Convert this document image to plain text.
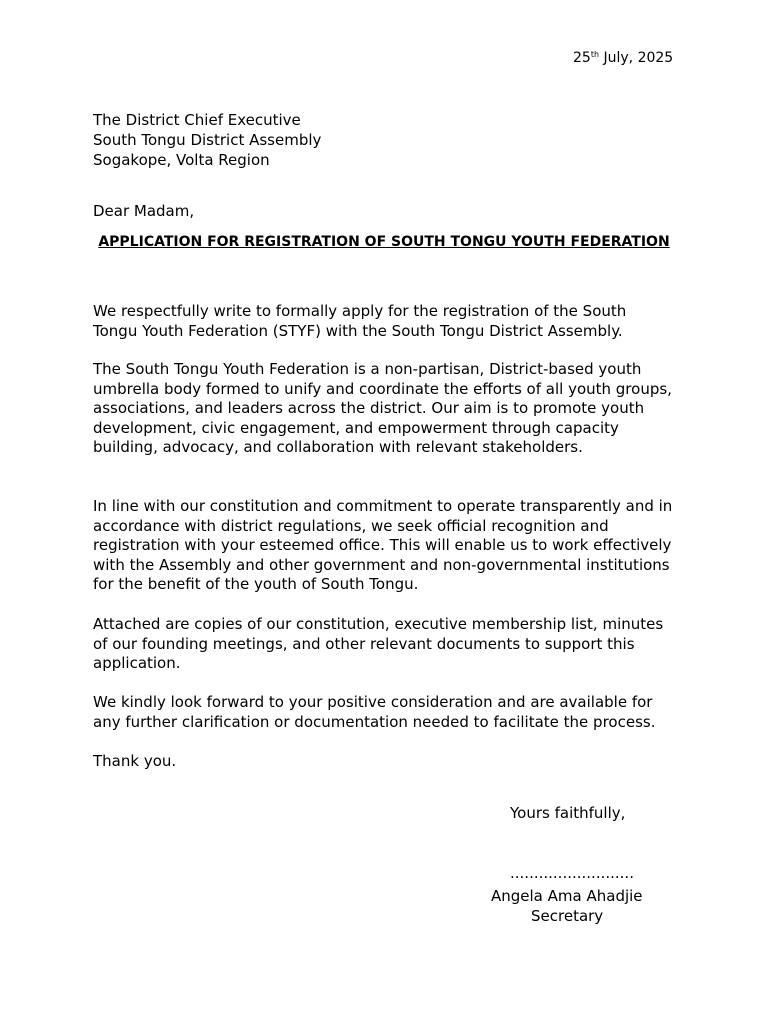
25th July, 2025
The District Chief Executive
South Tongu District Assembly
Sogakope, Volta Region
Dear Madam,
APPLICATION FOR REGISTRATION OF SOUTH TONGU YOUTH FEDERATION
We respectfully write to formally apply for the registration of the South Tongu Youth Federation (STYF) with the South Tongu District Assembly.
The South Tongu Youth Federation is a non-partisan, District-based youth umbrella body formed to unify and coordinate the efforts of all youth groups, associations, and leaders across the district. Our aim is to promote youth development, civic engagement, and empowerment through capacity building, advocacy, and collaboration with relevant stakeholders.
In line with our constitution and commitment to operate transparently and in accordance with district regulations, we seek official recognition and registration with your esteemed office. This will enable us to work effectively with the Assembly and other government and non-governmental institutions for the benefit of the youth of South Tongu.
Attached are copies of our constitution, executive membership list, minutes of our founding meetings, and other relevant documents to support this application.
We kindly look forward to your positive consideration and are available for any further clarification or documentation needed to facilitate the process.
Thank you.
Yours faithfully,
..........................
Angela Ama Ahadjie
Secretary
